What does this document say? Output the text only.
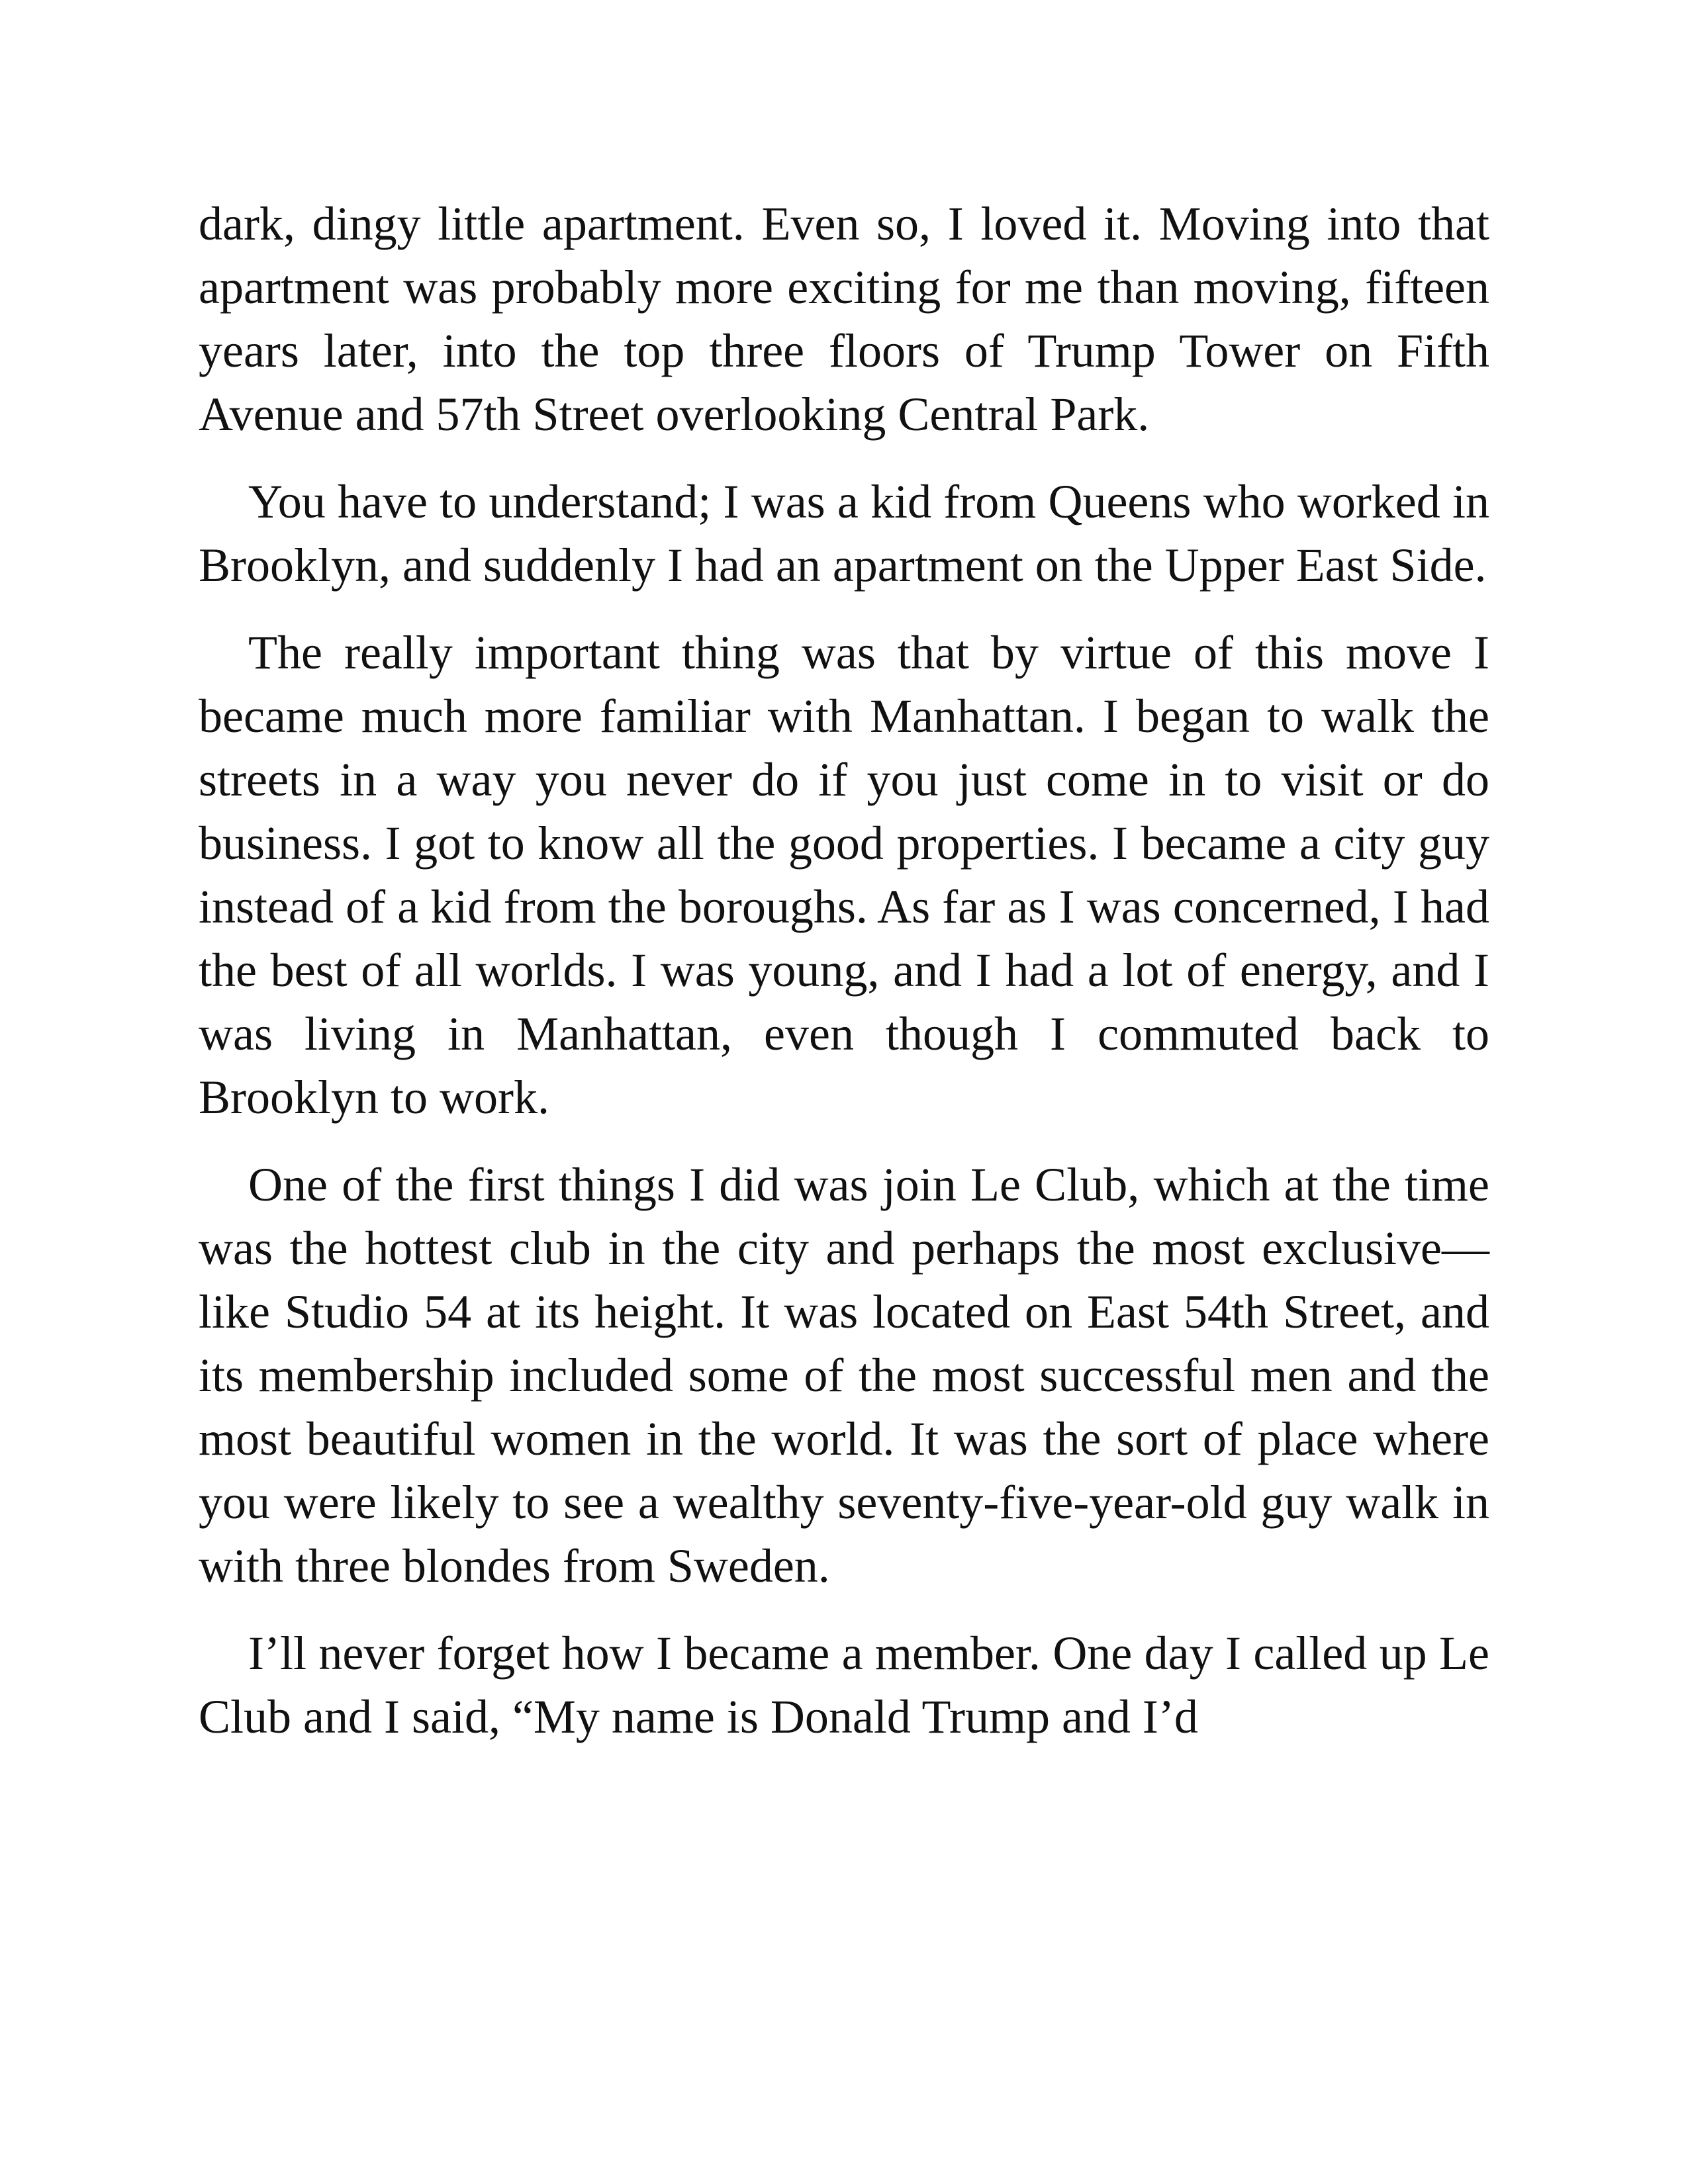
dark, dingy little apartment. Even so, I loved it. Moving into that apartment was probably more exciting for me than moving, fifteen years later, into the top three floors of Trump Tower on Fifth Avenue and 57th Street overlooking Central Park.

You have to understand; I was a kid from Queens who worked in Brooklyn, and suddenly I had an apartment on the Upper East Side.

The really important thing was that by virtue of this move I became much more familiar with Manhattan. I began to walk the streets in a way you never do if you just come in to visit or do business. I got to know all the good properties. I became a city guy instead of a kid from the boroughs. As far as I was concerned, I had the best of all worlds. I was young, and I had a lot of energy, and I was living in Manhattan, even though I commuted back to Brooklyn to work.

One of the first things I did was join Le Club, which at the time was the hottest club in the city and perhaps the most exclusive—like Studio 54 at its height. It was located on East 54th Street, and its membership included some of the most successful men and the most beautiful women in the world. It was the sort of place where you were likely to see a wealthy seventy-five-year-old guy walk in with three blondes from Sweden.

I’ll never forget how I became a member. One day I called up Le Club and I said, “My name is Donald Trump and I’d
